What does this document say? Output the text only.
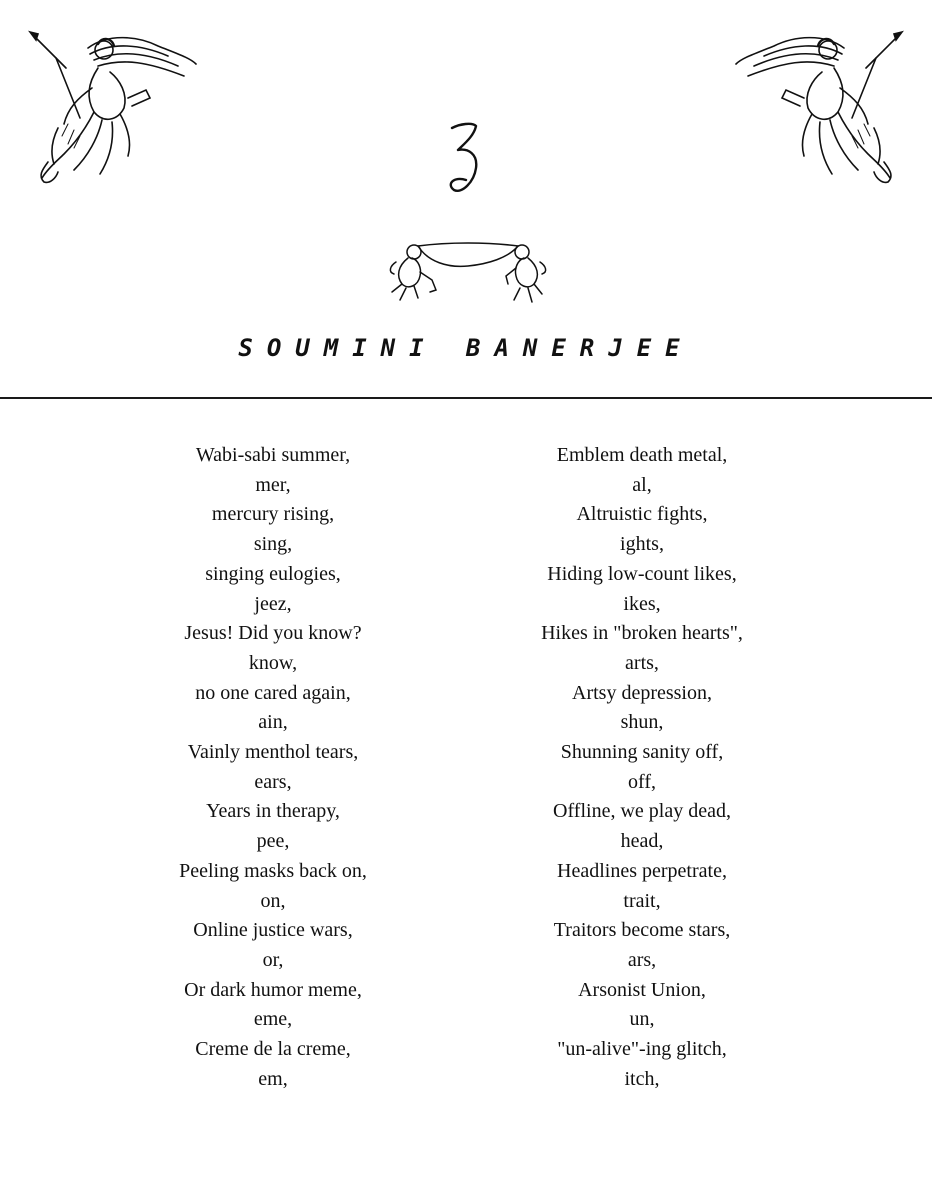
SOUMINI BANERJEE
Wabi-sabi summer,
mer,
mercury rising,
sing,
singing eulogies,
jeez,
Jesus! Did you know?
know,
no one cared again,
ain,
Vainly menthol tears,
ears,
Years in therapy,
pee,
Peeling masks back on,
on,
Online justice wars,
or,
Or dark humor meme,
eme,
Creme de la creme,
em,
Emblem death metal,
al,
Altruistic fights,
ights,
Hiding low-count likes,
ikes,
Hikes in "broken hearts",
arts,
Artsy depression,
shun,
Shunning sanity off,
off,
Offline, we play dead,
head,
Headlines perpetrate,
trait,
Traitors become stars,
ars,
Arsonist Union,
un,
"un-alive"-ing glitch,
itch,
